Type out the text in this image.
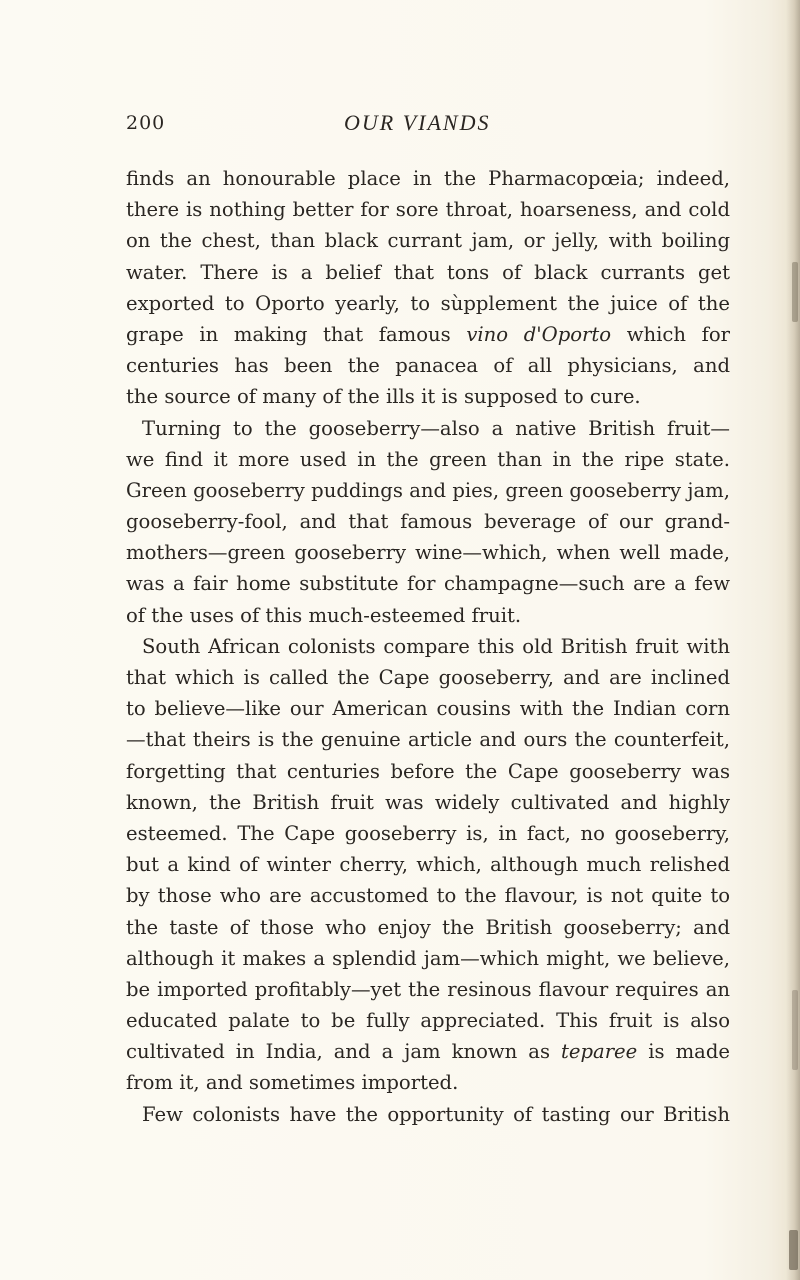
200	OUR VIANDS
finds an honourable place in the Pharmacopœia; indeed,
there is nothing better for sore throat, hoarseness, and cold
on the chest, than black currant jam, or jelly, with boiling
water. There is a belief that tons of black currants get
exported to Oporto yearly, to sùpplement the juice of the
grape in making that famous vino d'Oporto which for
centuries has been the panacea of all physicians, and
the source of many of the ills it is supposed to cure.
Turning to the gooseberry—also a native British fruit—
we find it more used in the green than in the ripe state.
Green gooseberry puddings and pies, green gooseberry jam,
gooseberry-fool, and that famous beverage of our grand-
mothers—green gooseberry wine—which, when well made,
was a fair home substitute for champagne—such are a few
of the uses of this much-esteemed fruit.
South African colonists compare this old British fruit with
that which is called the Cape gooseberry, and are inclined
to believe—like our American cousins with the Indian corn
—that theirs is the genuine article and ours the counterfeit,
forgetting that centuries before the Cape gooseberry was
known, the British fruit was widely cultivated and highly
esteemed. The Cape gooseberry is, in fact, no gooseberry,
but a kind of winter cherry, which, although much relished
by those who are accustomed to the flavour, is not quite to
the taste of those who enjoy the British gooseberry; and
although it makes a splendid jam—which might, we believe,
be imported profitably—yet the resinous flavour requires an
educated palate to be fully appreciated. This fruit is also
cultivated in India, and a jam known as teparee is made
from it, and sometimes imported.
Few colonists have the opportunity of tasting our British
